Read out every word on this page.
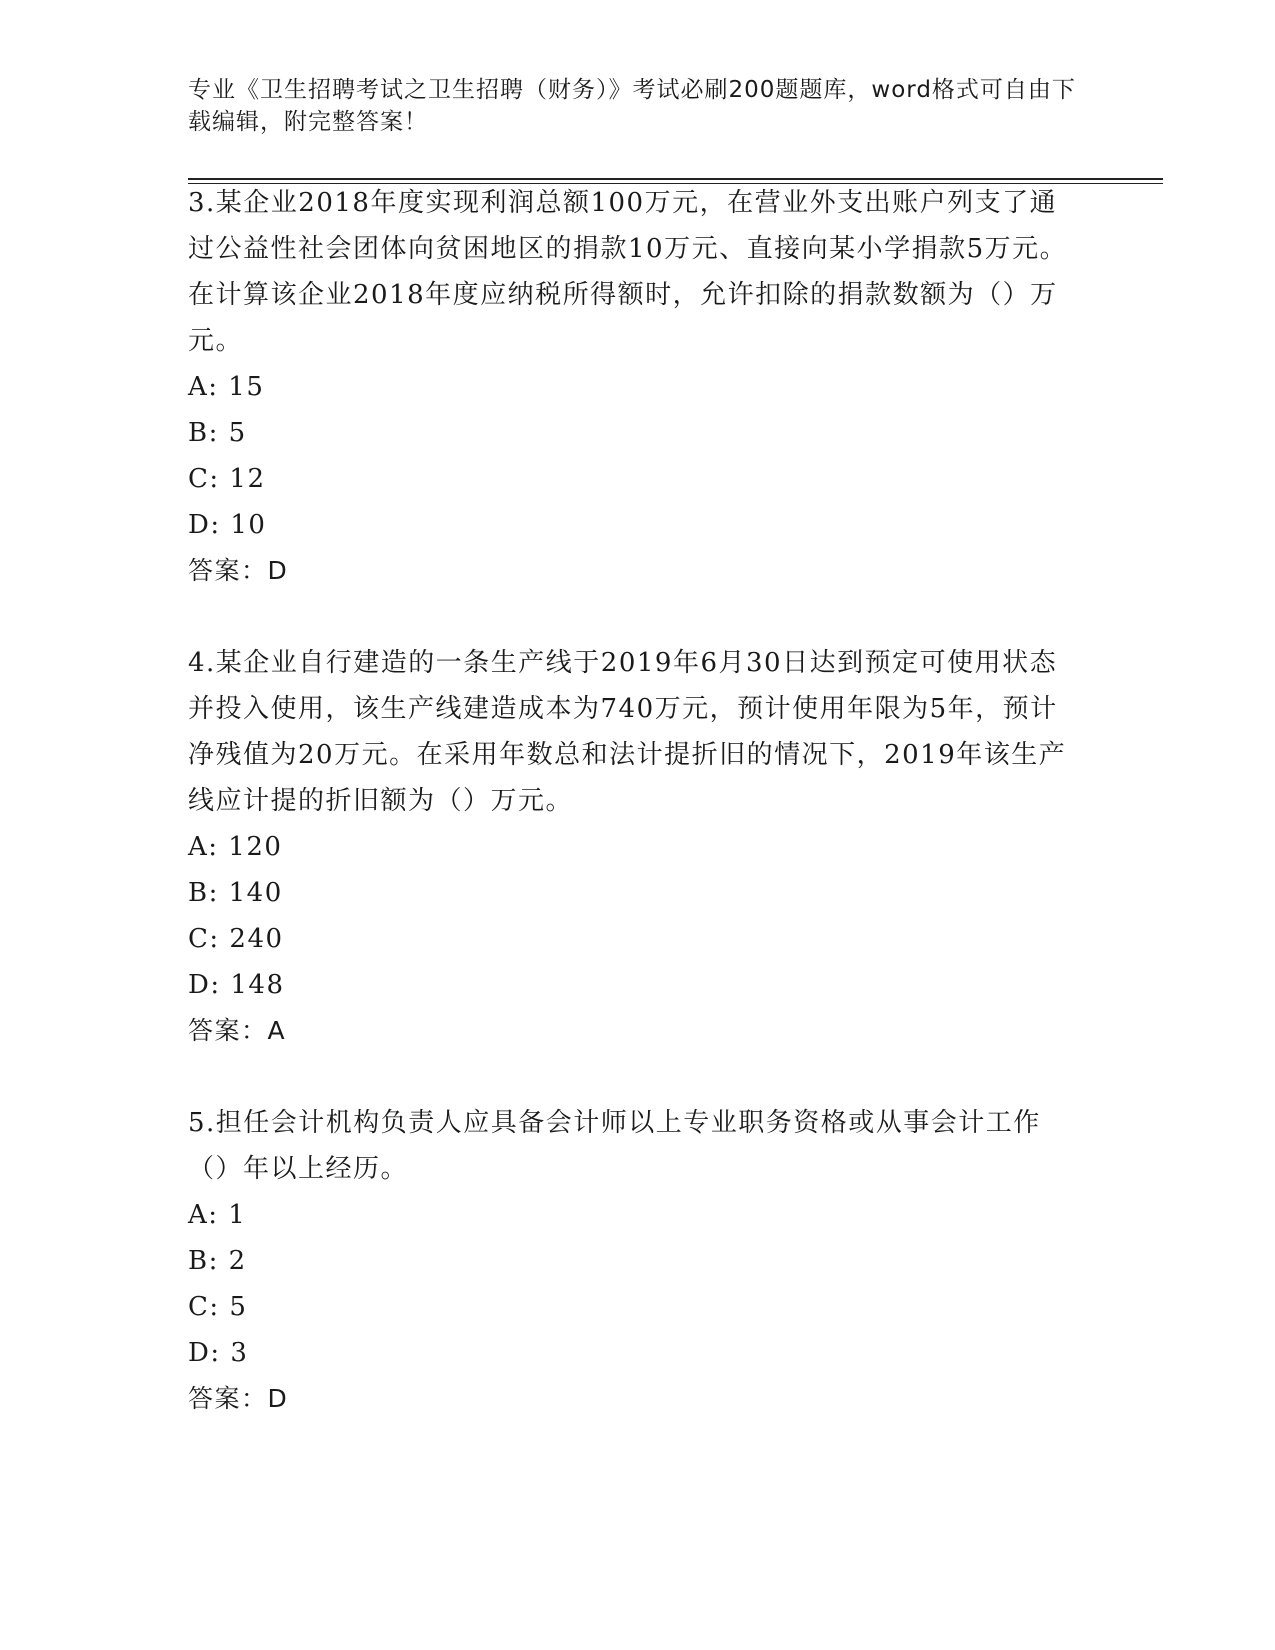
专业《卫生招聘考试之卫生招聘（财务）》考试必刷200题题库，word格式可自由下载编辑，附完整答案！

3.某企业2018年度实现利润总额100万元，在营业外支出账户列支了通过公益性社会团体向贫困地区的捐款10万元、直接向某小学捐款5万元。在计算该企业2018年度应纳税所得额时，允许扣除的捐款数额为（）万元。

A: 15

B: 5

C: 12

D: 10

答案：D

4.某企业自行建造的一条生产线于2019年6月30日达到预定可使用状态并投入使用，该生产线建造成本为740万元，预计使用年限为5年，预计净残值为20万元。在采用年数总和法计提折旧的情况下，2019年该生产线应计提的折旧额为（）万元。

A: 120

B: 140

C: 240

D: 148

答案：A

5.担任会计机构负责人应具备会计师以上专业职务资格或从事会计工作（）年以上经历。

A: 1

B: 2

C: 5

D: 3

答案：D
